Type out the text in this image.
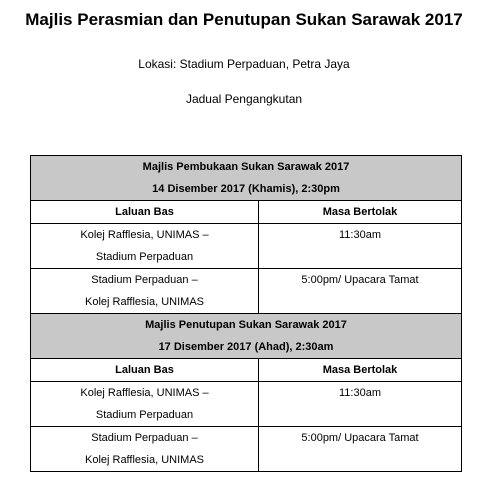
Majlis Perasmian dan Penutupan Sukan Sarawak 2017
Lokasi: Stadium Perpaduan, Petra Jaya
Jadual Pengangkutan
Majlis Pembukaan Sukan Sarawak 2017
14 Disember 2017 (Khamis), 2:30pm	

Laluan Bas	Masa Bertolak

Kolej Rafflesia, UNIMAS –
Stadium Perpaduan	11:30am

Stadium Perpaduan –
Kolej Rafflesia, UNIMAS	5:00pm/ Upacara Tamat

Majlis Penutupan Sukan Sarawak 2017
17 Disember 2017 (Ahad), 2:30am	

Laluan Bas	Masa Bertolak

Kolej Rafflesia, UNIMAS –
Stadium Perpaduan	11:30am

Stadium Perpaduan –
Kolej Rafflesia, UNIMAS	5:00pm/ Upacara Tamat
